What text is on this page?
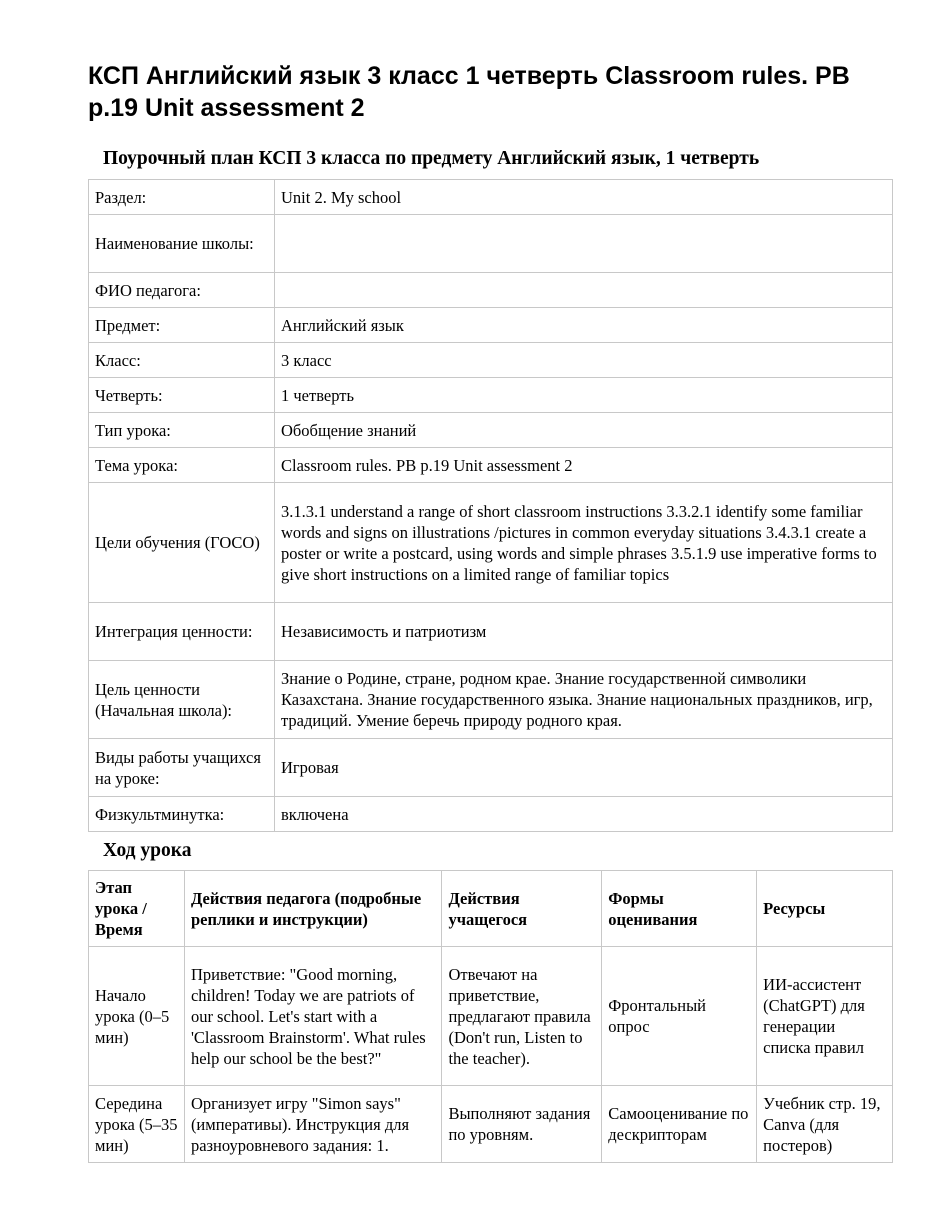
КСП Английский язык 3 класс 1 четверть Classroom rules. PB p.19 Unit assessment 2
Поурочный план КСП 3 класса по предмету Английский язык, 1 четверть
Раздел:	Unit 2. My school
Наименование школы:	
ФИО педагога:	
Предмет:	Английский язык
Класс:	3 класс
Четверть:	1 четверть
Тип урока:	Обобщение знаний
Тема урока:	Classroom rules. PB p.19 Unit assessment 2
Цели обучения (ГОСО)	3.1.3.1 understand a range of short classroom instructions 3.3.2.1 identify some familiar words and signs on illustrations /pictures in common everyday situations 3.4.3.1 create a poster or write a postcard, using words and simple phrases 3.5.1.9 use imperative forms to give short instructions on a limited range of familiar topics
Интеграция ценности:	Независимость и патриотизм
Цель ценности (Начальная школа):	Знание о Родине, стране, родном крае. Знание государственной символики Казахстана. Знание государственного языка. Знание национальных праздников, игр, традиций. Умение беречь природу родного края.
Виды работы учащихся на уроке:	Игровая
Физкультминутка:	включена
Ход урока
Этап урока / Время	Действия педагога (подробные реплики и инструкции)	Действия учащегося	Формы оценивания	Ресурсы
Начало урока (0–5 мин)	Приветствие: "Good morning, children! Today we are patriots of our school. Let's start with a 'Classroom Brainstorm'. What rules help our school be the best?"	Отвечают на приветствие, предлагают правила (Don't run, Listen to the teacher).	Фронтальный опрос	ИИ-ассистент (ChatGPT) для генерации списка правил
Середина урока (5–35 мин)	Организует игру "Simon says" (императивы). Инструкция для разноуровневого задания: 1.	Выполняют задания по уровням.	Самооценивание по дескрипторам	Учебник стр. 19, Canva (для постеров)
